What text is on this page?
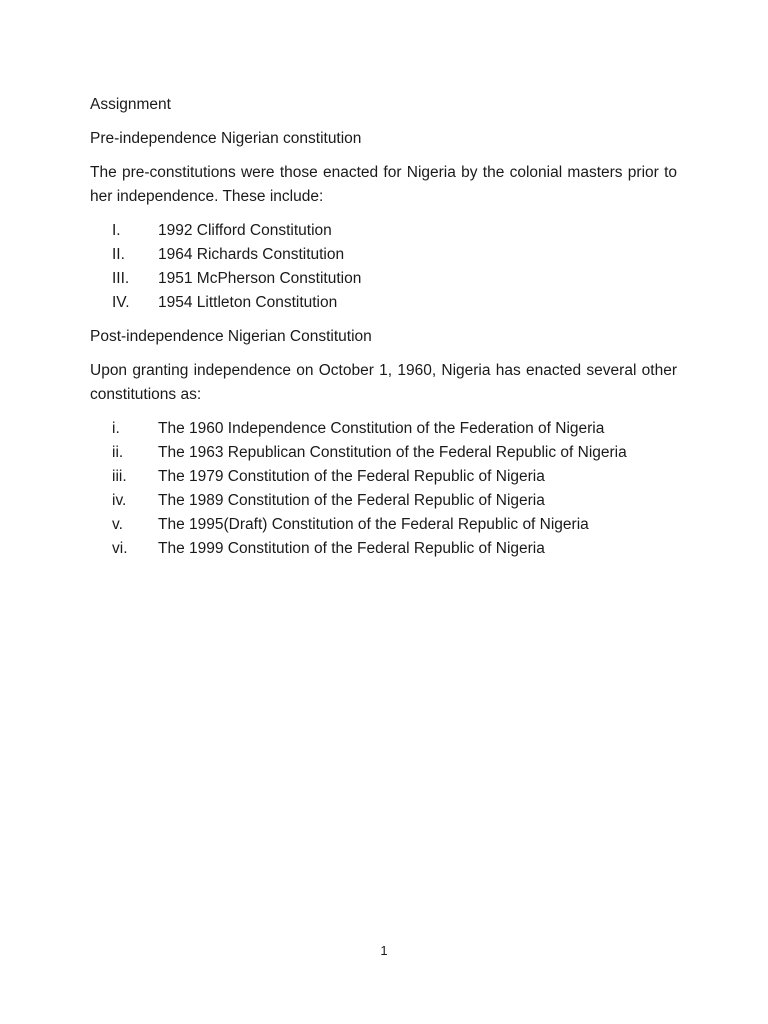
Assignment

Pre-independence Nigerian constitution

The pre-constitutions were those enacted for Nigeria by the colonial masters prior to her independence. These include:

I.	1992 Clifford Constitution
II.	1964 Richards Constitution
III.	1951 McPherson Constitution
IV.	1954 Littleton Constitution

Post-independence Nigerian Constitution

Upon granting independence on October 1, 1960, Nigeria has enacted several other constitutions as:

i.	The 1960 Independence Constitution of the Federation of Nigeria
ii.	The 1963 Republican Constitution of the Federal Republic of Nigeria
iii.	The 1979 Constitution of the Federal Republic of Nigeria
iv.	The 1989 Constitution of the Federal Republic of Nigeria
v.	The 1995(Draft) Constitution of the Federal Republic of Nigeria
vi.	The 1999 Constitution of the Federal Republic of Nigeria
1
